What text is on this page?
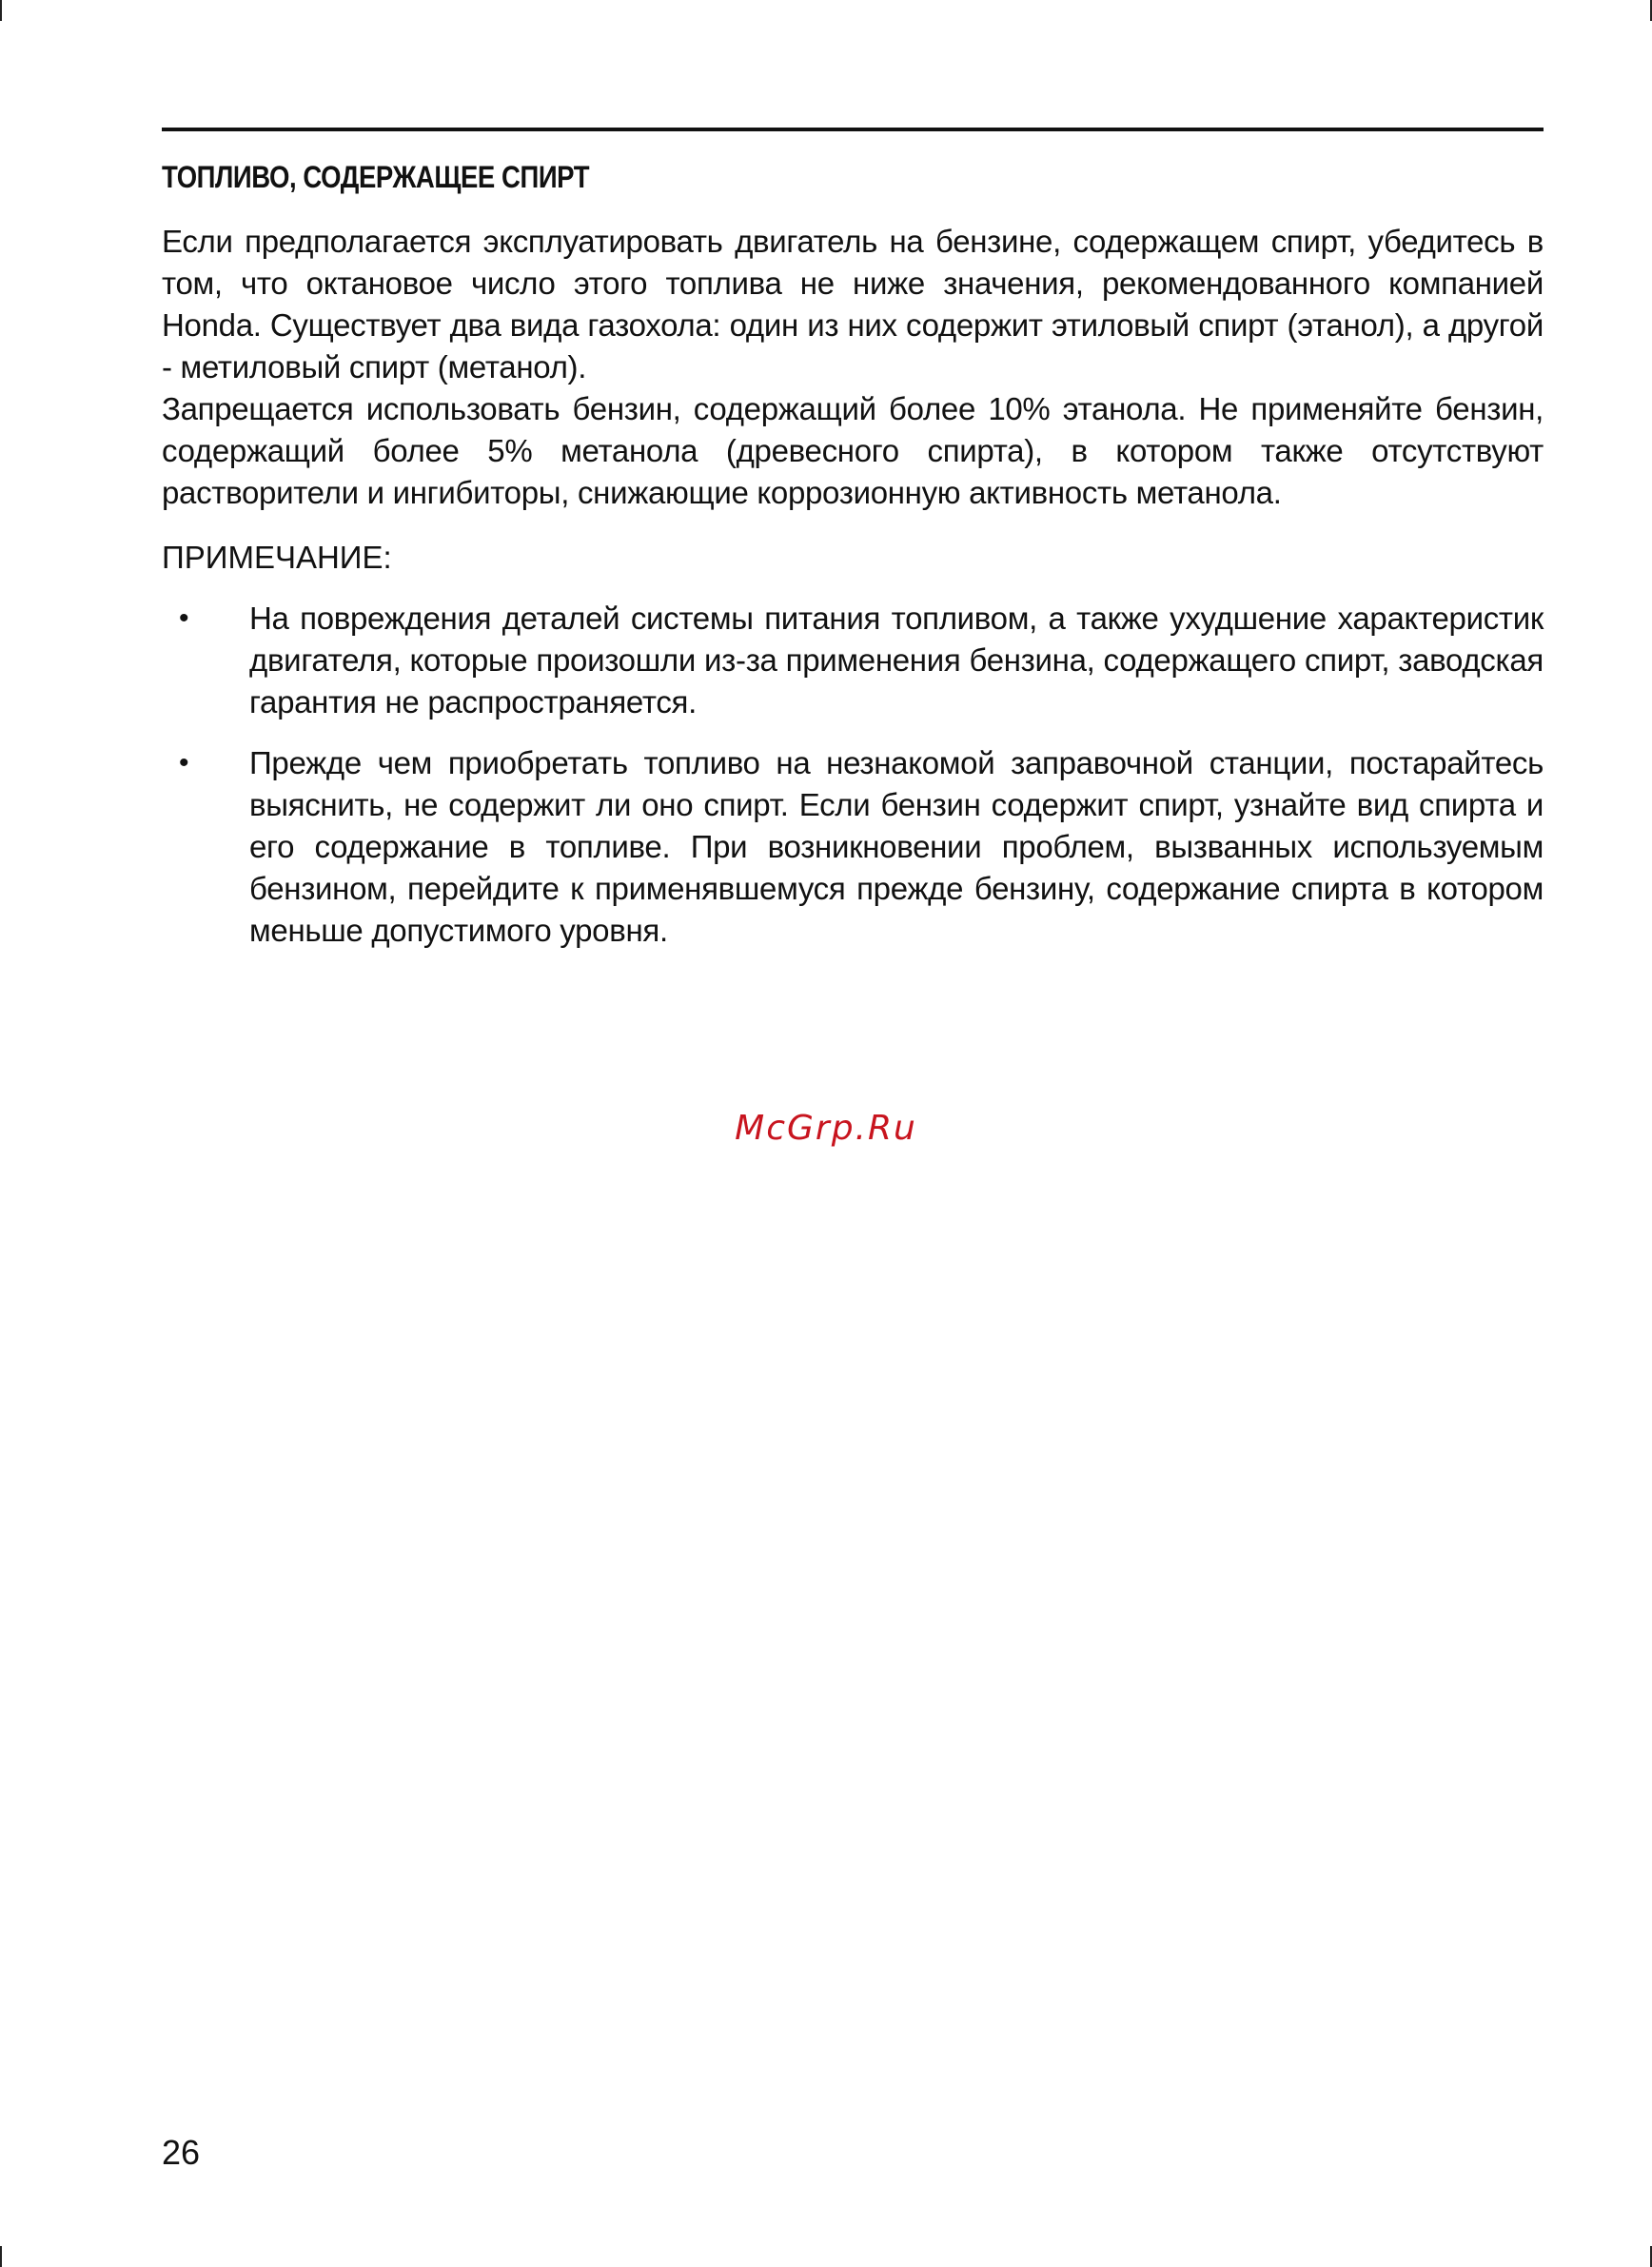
ТОПЛИВО, СОДЕРЖАЩЕЕ СПИРТ

Если предполагается эксплуатировать двигатель на бензине, содержащем спирт, убедитесь в том, что октановое число этого топлива не ниже значения, рекомендованного компанией Honda. Существует два вида газохола: один из них содержит этиловый спирт (этанол), а другой - метиловый спирт (метанол).

Запрещается использовать бензин, содержащий более 10% этанола. Не применяйте бензин, содержащий более 5% метанола (древесного спирта), в котором также отсутствуют растворители и ингибиторы, снижающие коррозионную активность метанола.

ПРИМЕЧАНИЕ:
• На повреждения деталей системы питания топливом, а также ухудшение характеристик двигателя, которые произошли из-за применения бензина, содержащего спирт, заводская гарантия не распространяется.
• Прежде чем приобретать топливо на незнакомой заправочной станции, постарайтесь выяснить, не содержит ли оно спирт. Если бензин содержит спирт, узнайте вид спирта и его содержание в топливе. При возникновении проблем, вызванных используемым бензином, перейдите к применявшемуся прежде бензину, содержание спирта в котором меньше допустимого уровня.
McGrp.Ru
26
